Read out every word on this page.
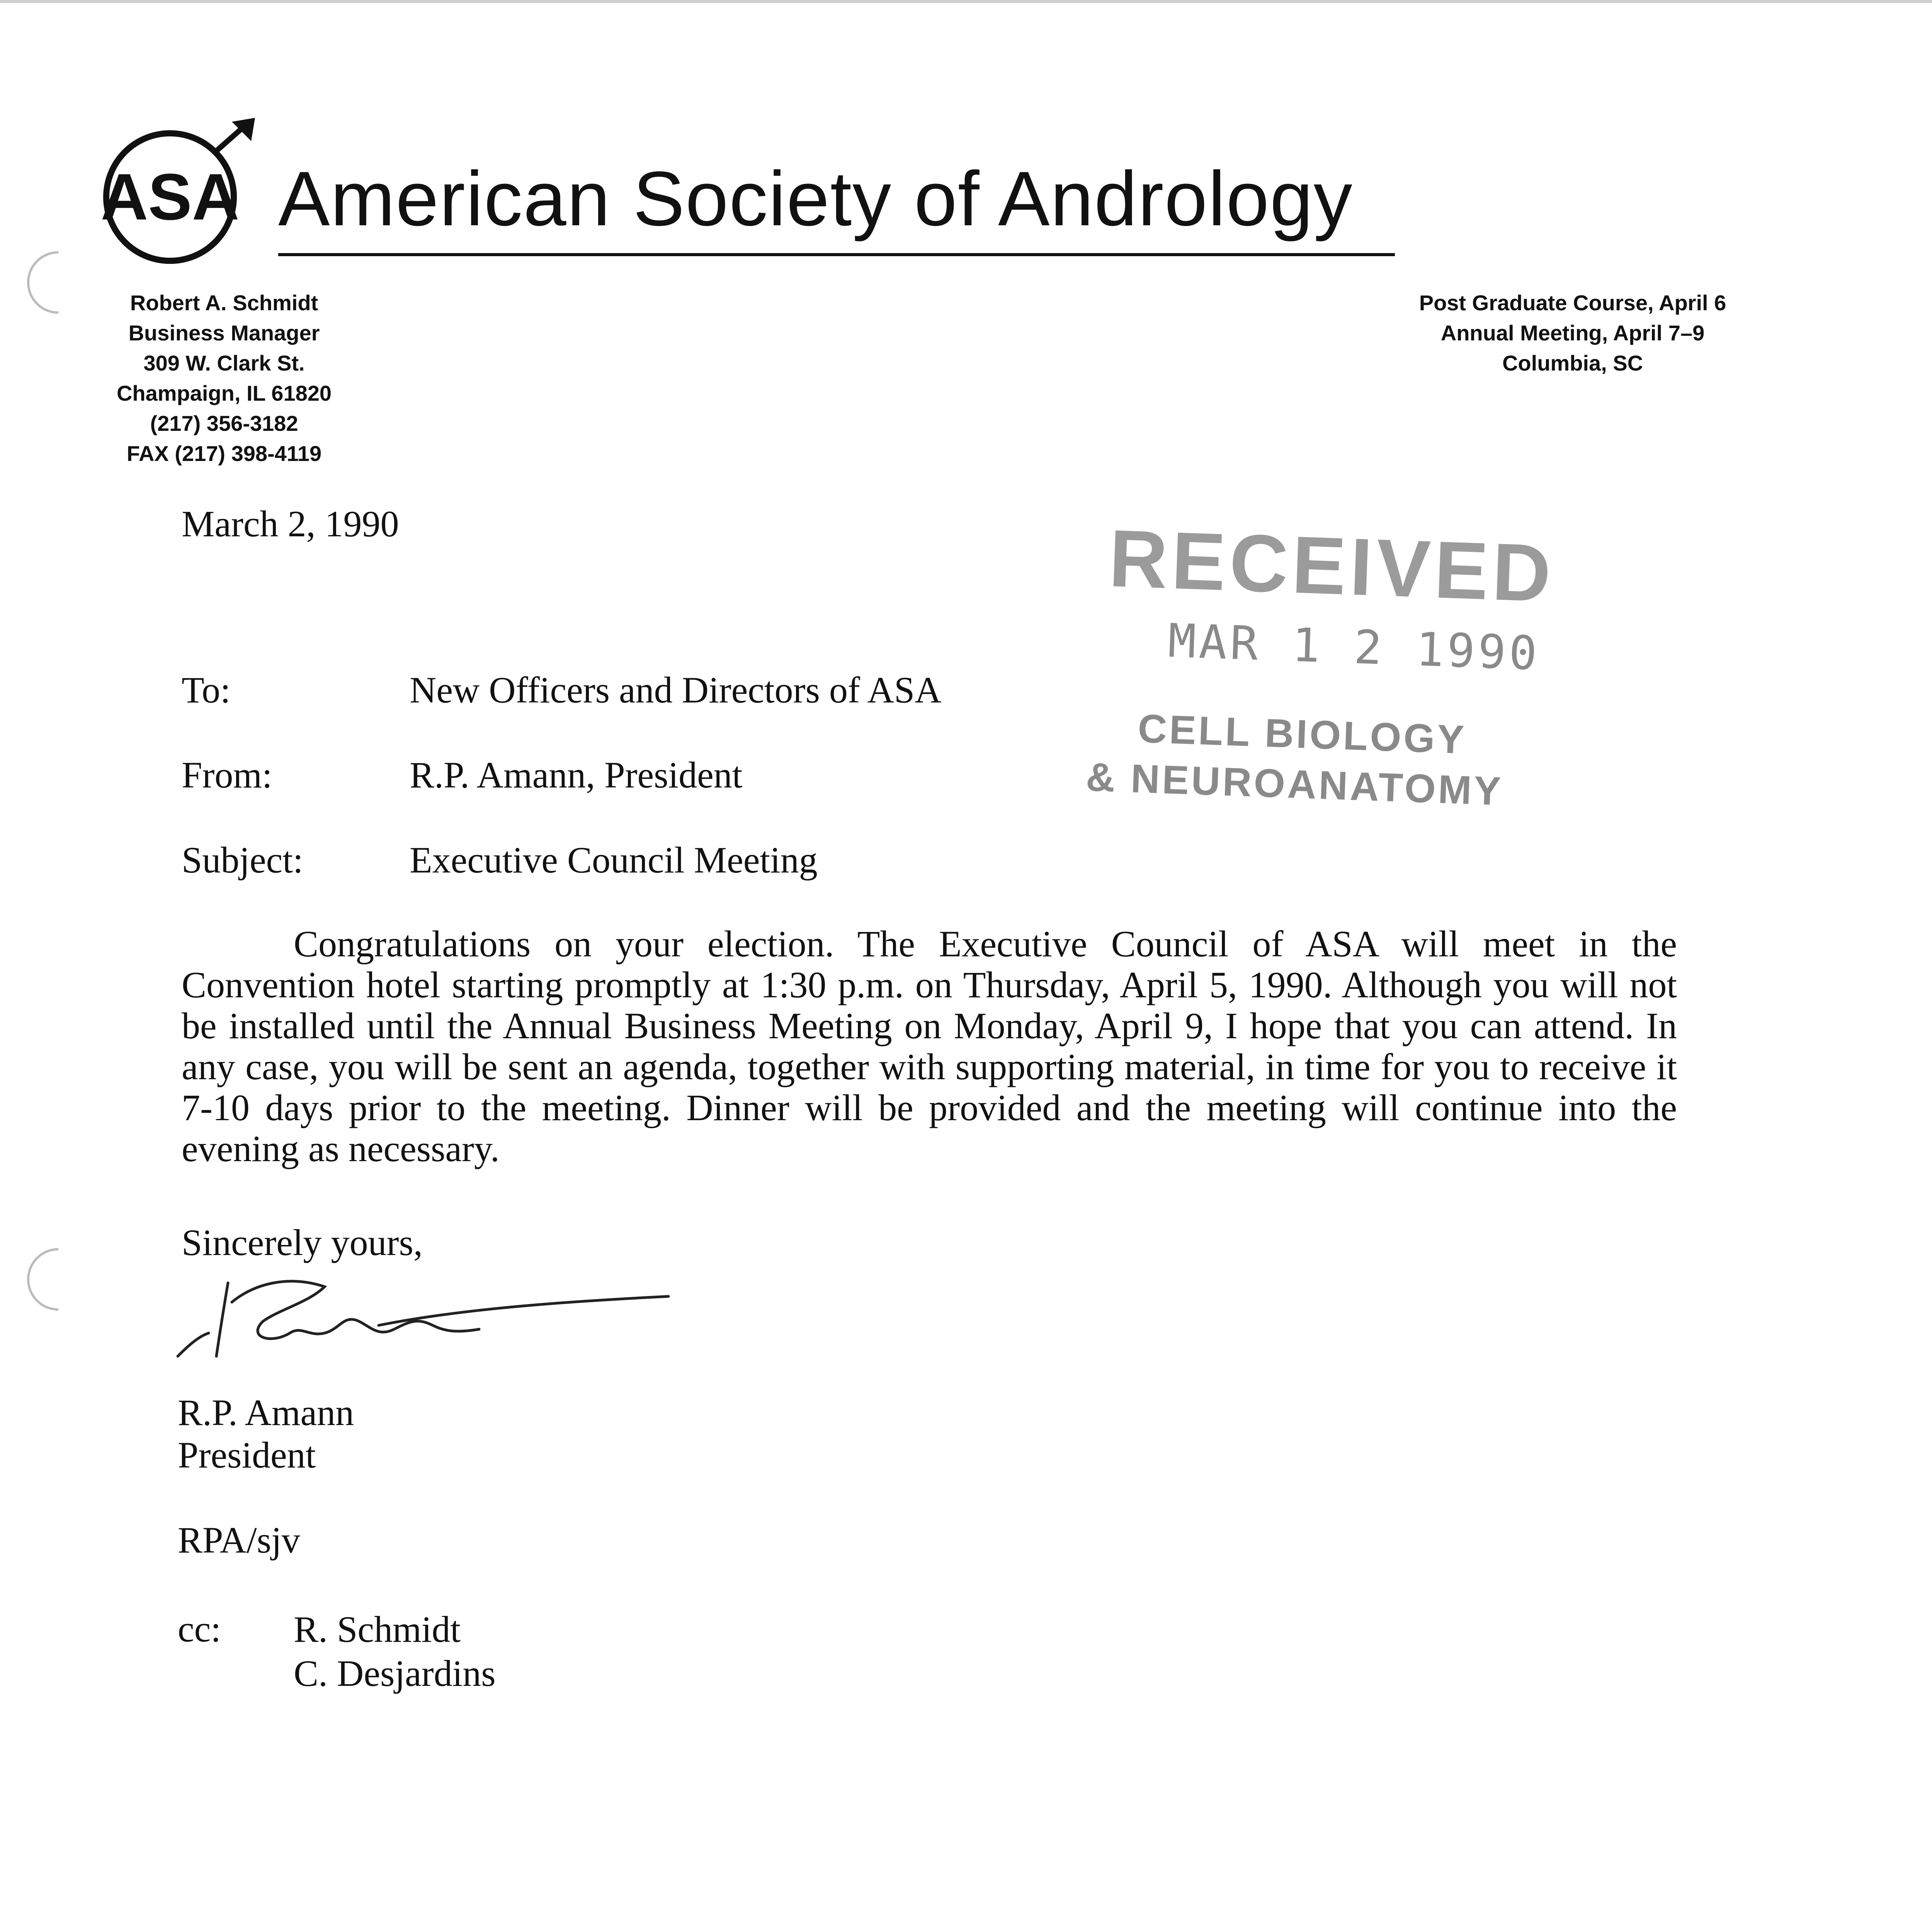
ASA American Society of Andrology
Robert A. Schmidt
Business Manager
309 W. Clark St.
Champaign, IL 61820
(217) 356-3182
FAX (217) 398-4119
Post Graduate Course, April 6
Annual Meeting, April 7–9
Columbia, SC
March 2, 1990	RECEIVED
MAR 1 2 1990
CELL BIOLOGY
& NEUROANATOMY
To:	New Officers and Directors of ASA
From:	R.P. Amann, President
Subject:	Executive Council Meeting
Congratulations on your election. The Executive Council of ASA will meet in the Convention hotel starting promptly at 1:30 p.m. on Thursday, April 5, 1990. Although you will not be installed until the Annual Business Meeting on Monday, April 9, I hope that you can attend. In any case, you will be sent an agenda, together with supporting material, in time for you to receive it 7-10 days prior to the meeting. Dinner will be provided and the meeting will continue into the evening as necessary.
Sincerely yours,
R.P. Amann
President
RPA/sjv
cc: R. Schmidt
C. Desjardins
